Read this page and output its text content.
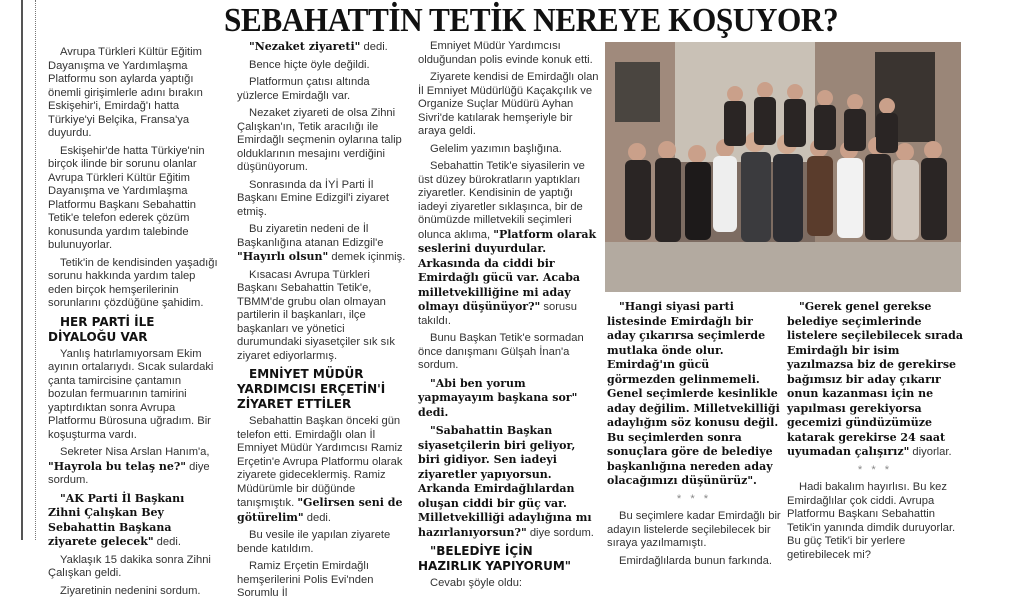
SEBAHATTİN TETİK NEREYE KOŞUYOR?

Avrupa Türkleri Kültür Eğitim Dayanışma ve Yardımlaşma Platformu son aylarda yaptığı önemli girişimlerle adını bırakın Eskişehir'i, Emirdağ'ı hatta Türkiye'yi Belçika, Fransa'ya duyurdu.

Eskişehir'de hatta Türkiye'nin birçok ilinde bir sorunu olanlar Avrupa Türkleri Kültür Eğitim Dayanışma ve Yardımlaşma Platformu Başkanı Sebahattin Tetik'e telefon ederek çözüm konusunda yardım talebinde bulunuyorlar.

Tetik'in de kendisinden yaşadığı sorunu hakkında yardım talep eden birçok hemşerilerinin sorunlarını çözdüğüne şahidim.

HER PARTİ İLE DİYALOĞU VAR

Yanlış hatırlamıyorsam Ekim ayının ortalarıydı. Sıcak sulardaki çanta tamircisine çantamın bozulan fermuarının tamirini yaptırdıktan sonra Avrupa Platformu Bürosuna uğradım. Bir koşuşturma vardı.

Sekreter Nisa Arslan Hanım'a, "Hayrola bu telaş ne?" diye sordum.

"AK Parti İl Başkanı Zihni Çalışkan Bey Sebahattin Başkana ziyarete gelecek" dedi.

Yaklaşık 15 dakika sonra Zihni Çalışkan geldi.

Ziyaretinin nedenini sordum.

"Nezaket ziyareti" dedi.

Bence hiçte öyle değildi.

Platformun çatısı altında yüzlerce Emirdağlı var.

Nezaket ziyareti de olsa Zihni Çalışkan'ın, Tetik aracılığı ile Emirdağlı seçmenin oylarına talip olduklarının mesajını verdiğini düşünüyorum.

Sonrasında da İYİ Parti İl Başkanı Emine Edizgil'i ziyaret etmiş.

Bu ziyaretin nedeni de İl Başkanlığına atanan Edizgil'e "Hayırlı olsun" demek içinmiş.

Kısacası Avrupa Türkleri Başkanı Sebahattin Tetik'e, TBMM'de grubu olan olmayan partilerin il başkanları, ilçe başkanları ve yönetici durumundaki siyasetçiler sık sık ziyaret ediyorlarmış.

EMNİYET MÜDÜR YARDIMCISI ERÇETİN'İ ZİYARET ETTİLER

Sebahattin Başkan önceki gün telefon etti. Emirdağlı olan İl Emniyet Müdür Yardımcısı Ramiz Erçetin'e Avrupa Platformu olarak ziyarete gideceklermiş. Ramiz Müdürümle bir düğünde tanışmıştık. "Gelirsen seni de götürelim" dedi.

Bu vesile ile yapılan ziyarete bende katıldım.

Ramiz Erçetin Emirdağlı hemşerilerini Polis Evi'nden Sorumlu İl

Emniyet Müdür Yardımcısı olduğundan polis evinde konuk etti.

Ziyarete kendisi de Emirdağlı olan İl Emniyet Müdürlüğü Kaçakçılık ve Organize Suçlar Müdürü Ayhan Sivri'de katılarak hemşeriyle bir araya geldi.

Gelelim yazımın başlığına.

Sebahattin Tetik'e siyasilerin ve üst düzey bürokratların yaptıkları ziyaretler. Kendisinin de yaptığı iadeyi ziyaretler sıklaşınca, bir de önümüzde milletvekili seçimleri olunca aklıma, "Platform olarak seslerini duyurdular. Arkasında da ciddi bir Emirdağlı gücü var. Acaba milletvekilliğine mi aday olmayı düşünüyor?" sorusu takıldı.

Bunu Başkan Tetik'e sormadan önce danışmanı Gülşah İnan'a sordum.

"Abi ben yorum yapmayayım başkana sor" dedi.

"Sabahattin Başkan siyasetçilerin biri geliyor, biri gidiyor. Sen iadeyi ziyaretler yapıyorsun. Arkanda Emirdağlılardan oluşan ciddi bir güç var. Milletvekilliği adaylığına mı hazırlanıyorsun?" diye sordum.

"BELEDİYE İÇİN HAZIRLIK YAPIYORUM"

Cevabı şöyle oldu:

"Hangi siyasi parti listesinde Emirdağlı bir aday çıkarırsa seçimlerde mutlaka önde olur. Emirdağ'ın gücü görmezden gelinmemeli. Genel seçimlerde kesinlikle aday değilim. Milletvekilliği adaylığım söz konusu değil. Bu seçimlerden sonra sonuçlara göre de belediye başkanlığına nereden aday olacağımızı düşünürüz".

* * *

Bu seçimlere kadar Emirdağlı bir adayın listelerde seçilebilecek bir sıraya yazılmamıştı.

Emirdağlılarda bunun farkında.

"Gerek genel gerekse belediye seçimlerinde listelere seçilebilecek sırada Emirdağlı bir isim yazılmazsa biz de gerekirse bağımsız bir aday çıkarır onun kazanması için ne yapılması gerekiyorsa gecemizi gündüzümüze katarak gerekirse 24 saat uyumadan çalışırız" diyorlar.

* * *

Hadi bakalım hayırlısı. Bu kez Emirdağlılar çok ciddi. Avrupa Platformu Başkanı Sebahattin Tetik'in yanında dimdik duruyorlar. Bu güç Tetik'i bir yerlere getirebilecek mi?
